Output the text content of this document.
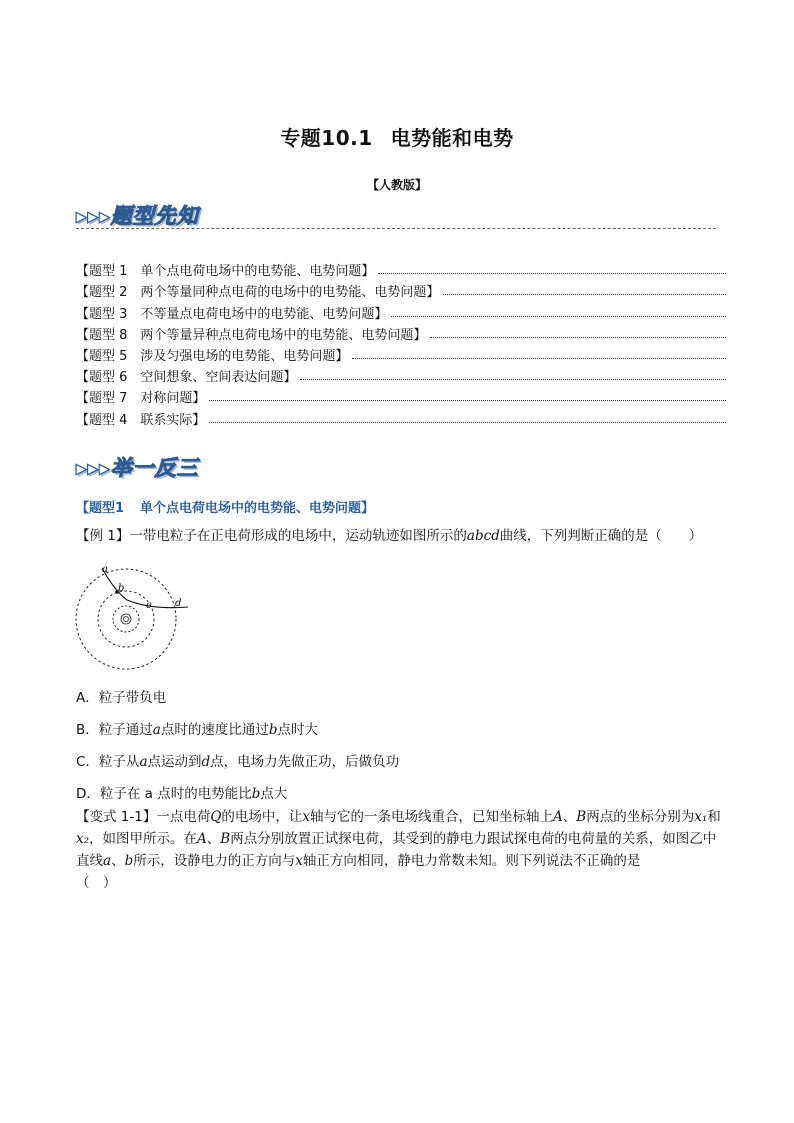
专题10.1 电势能和电势
【人教版】
▸▸▸题型先知
【题型 1　单个点电荷电场中的电势能、电势问题】
【题型 2　两个等量同种点电荷的电场中的电势能、电势问题】
【题型 3　不等量点电荷电场中的电势能、电势问题】
【题型 8　两个等量异种点电荷电场中的电势能、电势问题】
【题型 5　涉及匀强电场的电势能、电势问题】
【题型 6　空间想象、空间表达问题】
【题型 7　对称问题】
【题型 4　联系实际】
▸▸▸举一反三
【题型1 单个点电荷电场中的电势能、电势问题】
【例 1】一带电粒子在正电荷形成的电场中，运动轨迹如图所示的abcd曲线，下列判断正确的是（　　）
a
b
c d
A．粒子带负电
B．粒子通过a点时的速度比通过b点时大
C．粒子从a点运动到d点，电场力先做正功，后做负功
D．粒子在 a 点时的电势能比b点大
【变式 1-1】一点电荷Q的电场中，让x轴与它的一条电场线重合，已知坐标轴上A、B两点的坐标分别为x₁和x₂，如图甲所示。在A、B两点分别放置正试探电荷，其受到的静电力跟试探电荷的电荷量的关系，如图乙中直线a、b所示，设静电力的正方向与x轴正方向相同，静电力常数未知。则下列说法不正确的是
（　）
